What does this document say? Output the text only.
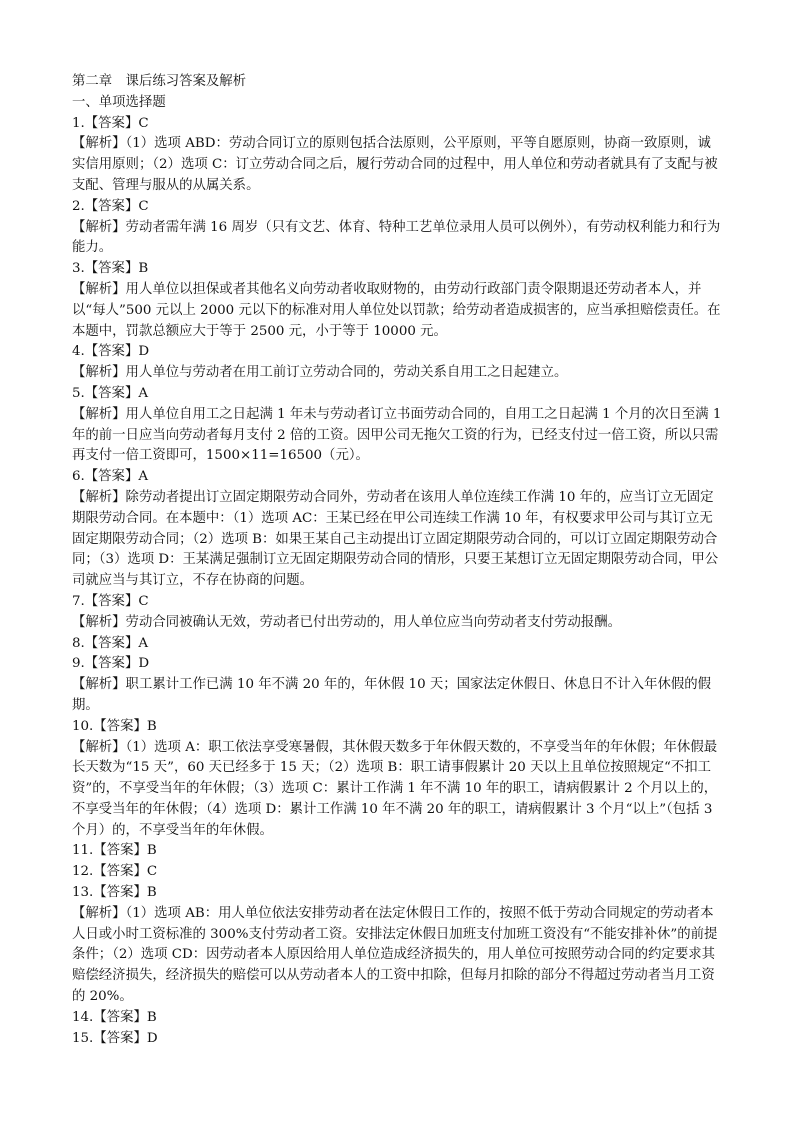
第二章　课后练习答案及解析

一、单项选择题

1.【答案】C

【解析】（1）选项 ABD：劳动合同订立的原则包括合法原则，公平原则，平等自愿原则，协商一致原则，诚实信用原则；（2）选项 C：订立劳动合同之后，履行劳动合同的过程中，用人单位和劳动者就具有了支配与被支配、管理与服从的从属关系。

2.【答案】C

【解析】劳动者需年满 16 周岁（只有文艺、体育、特种工艺单位录用人员可以例外），有劳动权利能力和行为能力。

3.【答案】B

【解析】用人单位以担保或者其他名义向劳动者收取财物的，由劳动行政部门责令限期退还劳动者本人，并以“每人”500 元以上 2000 元以下的标准对用人单位处以罚款；给劳动者造成损害的，应当承担赔偿责任。在本题中，罚款总额应大于等于 2500 元，小于等于 10000 元。

4.【答案】D

【解析】用人单位与劳动者在用工前订立劳动合同的，劳动关系自用工之日起建立。

5.【答案】A

【解析】用人单位自用工之日起满 1 年未与劳动者订立书面劳动合同的，自用工之日起满 1 个月的次日至满 1 年的前一日应当向劳动者每月支付 2 倍的工资。因甲公司无拖欠工资的行为，已经支付过一倍工资，所以只需再支付一倍工资即可，1500×11=16500（元）。

6.【答案】A

【解析】除劳动者提出订立固定期限劳动合同外，劳动者在该用人单位连续工作满 10 年的，应当订立无固定期限劳动合同。在本题中：（1）选项 AC：王某已经在甲公司连续工作满 10 年，有权要求甲公司与其订立无固定期限劳动合同；（2）选项 B：如果王某自己主动提出订立固定期限劳动合同的，可以订立固定期限劳动合同；（3）选项 D：王某满足强制订立无固定期限劳动合同的情形，只要王某想订立无固定期限劳动合同，甲公司就应当与其订立，不存在协商的问题。

7.【答案】C

【解析】劳动合同被确认无效，劳动者已付出劳动的，用人单位应当向劳动者支付劳动报酬。

8.【答案】A

9.【答案】D

【解析】职工累计工作已满 10 年不满 20 年的，年休假 10 天；国家法定休假日、休息日不计入年休假的假期。

10.【答案】B

【解析】（1）选项 A：职工依法享受寒暑假，其休假天数多于年休假天数的，不享受当年的年休假；年休假最长天数为“15 天”，60 天已经多于 15 天；（2）选项 B：职工请事假累计 20 天以上且单位按照规定“不扣工资”的，不享受当年的年休假；（3）选项 C：累计工作满 1 年不满 10 年的职工，请病假累计 2 个月以上的，不享受当年的年休假；（4）选项 D：累计工作满 10 年不满 20 年的职工，请病假累计 3 个月“以上”（包括 3 个月）的，不享受当年的年休假。

11.【答案】B

12.【答案】C

13.【答案】B

【解析】（1）选项 AB：用人单位依法安排劳动者在法定休假日工作的，按照不低于劳动合同规定的劳动者本人日或小时工资标准的 300%支付劳动者工资。安排法定休假日加班支付加班工资没有“不能安排补休”的前提条件；（2）选项 CD：因劳动者本人原因给用人单位造成经济损失的，用人单位可按照劳动合同的约定要求其赔偿经济损失，经济损失的赔偿可以从劳动者本人的工资中扣除，但每月扣除的部分不得超过劳动者当月工资的 20%。

14.【答案】B

15.【答案】D
